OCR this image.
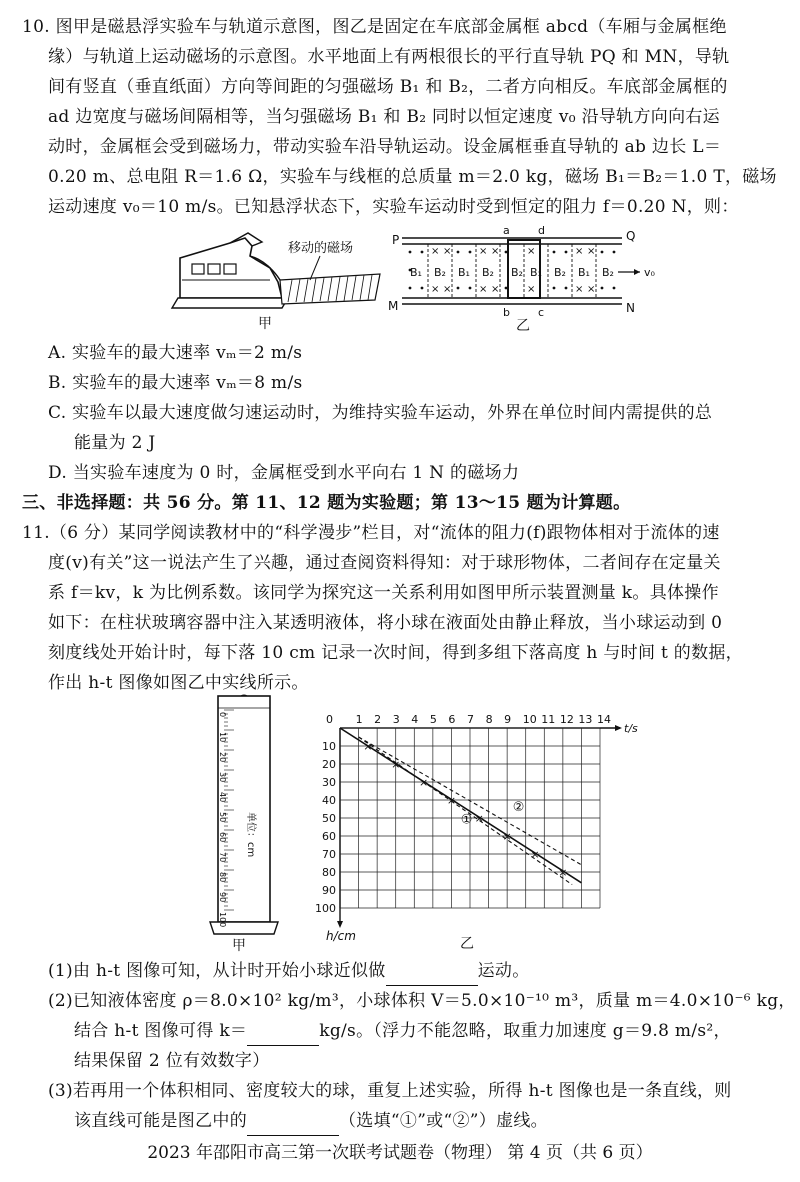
10. 图甲是磁悬浮实验车与轨道示意图，图乙是固定在车底部金属框 abcd（车厢与金属框绝
缘）与轨道上运动磁场的示意图。水平地面上有两根很长的平行直导轨 PQ 和 MN，导轨
间有竖直（垂直纸面）方向等间距的匀强磁场 B₁ 和 B₂，二者方向相反。车底部金属框的
ad 边宽度与磁场间隔相等，当匀强磁场 B₁ 和 B₂ 同时以恒定速度 v₀ 沿导轨方向向右运
动时，金属框会受到磁场力，带动实验车沿导轨运动。设金属框垂直导轨的 ab 边长 L＝
0.20 m、总电阻 R＝1.6 Ω，实验车与线框的总质量 m＝2.0 kg，磁场 B₁＝B₂＝1.0 T，磁场
运动速度 v₀＝10 m/s。已知悬浮状态下，实验车运动时受到恒定的阻力 f＝0.20 N，则：
移动的磁场
甲
× ×
× ×
× ×
× ×
×
×
× ×
× ×
P	Q
M	N
a	d
b	c
B₁ B₂ B₁ B₂ B₂ B₁ B₂ B₁ B₂	v₀
乙
A. 实验车的最大速率 vₘ＝2 m/s
B. 实验车的最大速率 vₘ＝8 m/s
C. 实验车以最大速度做匀速运动时，为维持实验车运动，外界在单位时间内需提供的总
能量为 2 J
D. 当实验车速度为 0 时，金属框受到水平向右 1 N 的磁场力
三、非选择题：共 56 分。第 11、12 题为实验题；第 13～15 题为计算题。
11.（6 分）某同学阅读教材中的“科学漫步”栏目，对“流体的阻力(f)跟物体相对于流体的速
度(v)有关”这一说法产生了兴趣，通过查阅资料得知：对于球形物体，二者间存在定量关
系 f＝kv，k 为比例系数。该同学为探究这一关系利用如图甲所示装置测量 k。具体操作
如下：在柱状玻璃容器中注入某透明液体，将小球在液面处由静止释放，当小球运动到 0
刻度线处开始计时，每下落 10 cm 记录一次时间，得到多组下落高度 h 与时间 t 的数据，
作出 h-t 图像如图乙中实线所示。
0
10
20
30
40
50
60
70
80
90
100
单位：cm
甲
×
×
×
×
×
×
×
×
0 1 2 3 4 5 6 7 8 9 10 11 12 13 14
10
20
30
40
50
60
70
80
90
100
t/s
h/cm	乙
①
②
(1)由 h-t 图像可知，从计时开始小球近似做	运动。
(2)已知液体密度 ρ＝8.0×10² kg/m³，小球体积 V＝5.0×10⁻¹⁰ m³，质量 m＝4.0×10⁻⁶ kg，
结合 h-t 图像可得 k＝	kg/s。（浮力不能忽略，取重力加速度 g＝9.8 m/s²，
结果保留 2 位有效数字）
(3)若再用一个体积相同、密度较大的球，重复上述实验，所得 h-t 图像也是一条直线，则
该直线可能是图乙中的	（选填“①”或“②”）虚线。
2023 年邵阳市高三第一次联考试题卷（物理） 第 4 页（共 6 页）
